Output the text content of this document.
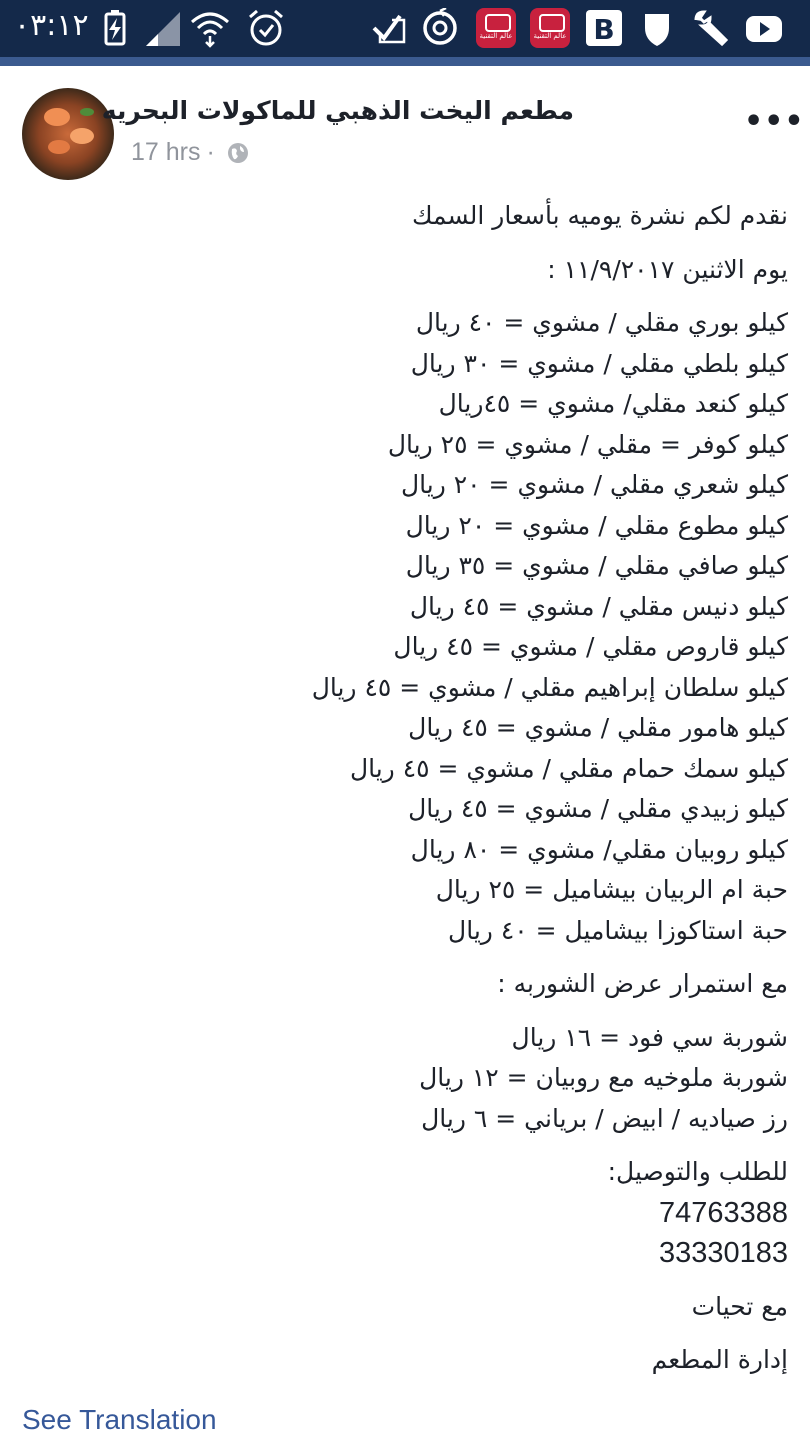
٠٣:١٢	عالم التقنية	عالم التقنية B
مطعم اليخت الذهبي للماكولات البحريه
17 hrs ·
•••
نقدم لكم نشرة يوميه بأسعار السمك
يوم الاثنين ١١/٩/٢٠١٧ :
كيلو بوري مقلي / مشوي = ٤٠ ريال
كيلو بلطي مقلي / مشوي = ٣٠ ريال
كيلو كنعد مقلي/ مشوي = ٤٥ريال
كيلو كوفر = مقلي / مشوي = ٢٥ ريال
كيلو شعري مقلي / مشوي = ٢٠ ريال
كيلو مطوع مقلي / مشوي = ٢٠ ريال
كيلو صافي مقلي / مشوي = ٣٥ ريال
كيلو دنيس مقلي / مشوي = ٤٥ ريال
كيلو قاروص مقلي / مشوي = ٤٥ ريال
كيلو سلطان إبراهيم مقلي / مشوي = ٤٥ ريال
كيلو هامور مقلي / مشوي = ٤٥ ريال
كيلو سمك حمام مقلي / مشوي = ٤٥ ريال
كيلو زبيدي مقلي / مشوي = ٤٥ ريال
كيلو روبيان مقلي/ مشوي = ٨٠ ريال
حبة ام الربيان بيشاميل = ٢٥ ريال
حبة استاكوزا بيشاميل = ٤٠ ريال
مع استمرار عرض الشوربه :
شوربة سي فود = ١٦ ريال
شوربة ملوخيه مع روبيان = ١٢ ريال
رز صياديه / ابيض / برياني = ٦ ريال
للطلب والتوصيل:
74763388
33330183
مع تحيات
إدارة المطعم
See Translation
